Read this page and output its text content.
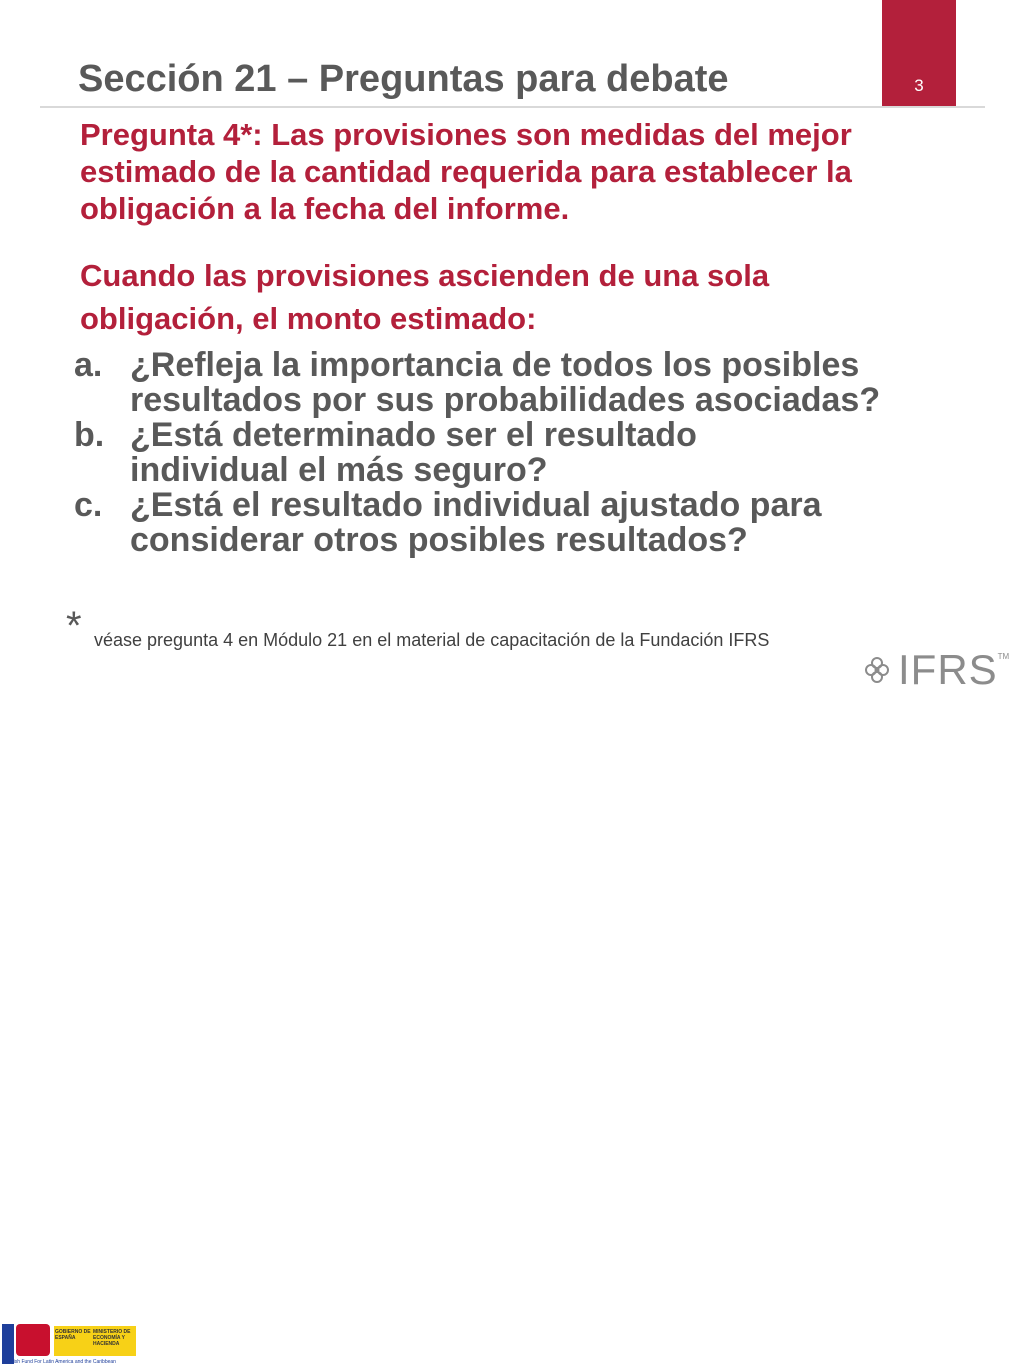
3
Sección 21 – Preguntas para debate

Pregunta 4*: Las provisiones son medidas del mejor estimado de la cantidad requerida para establecer la obligación a la fecha del informe.

Cuando las provisiones ascienden de una sola obligación, el monto estimado:

a. ¿Refleja la importancia de todos los posibles resultados por sus probabilidades asociadas?
b. ¿Está determinado ser el resultado individual el más seguro?
c. ¿Está el resultado individual ajustado para considerar otros posibles resultados?
* véase pregunta 4 en Módulo 21 en el material de capacitación de la Fundación IFRS
GOBIERNO DE ESPAÑA
MINISTERIO DE ECONOMÍA Y HACIENDA
Spanish Fund For Latin America and the Caribbean
IFRS TM
